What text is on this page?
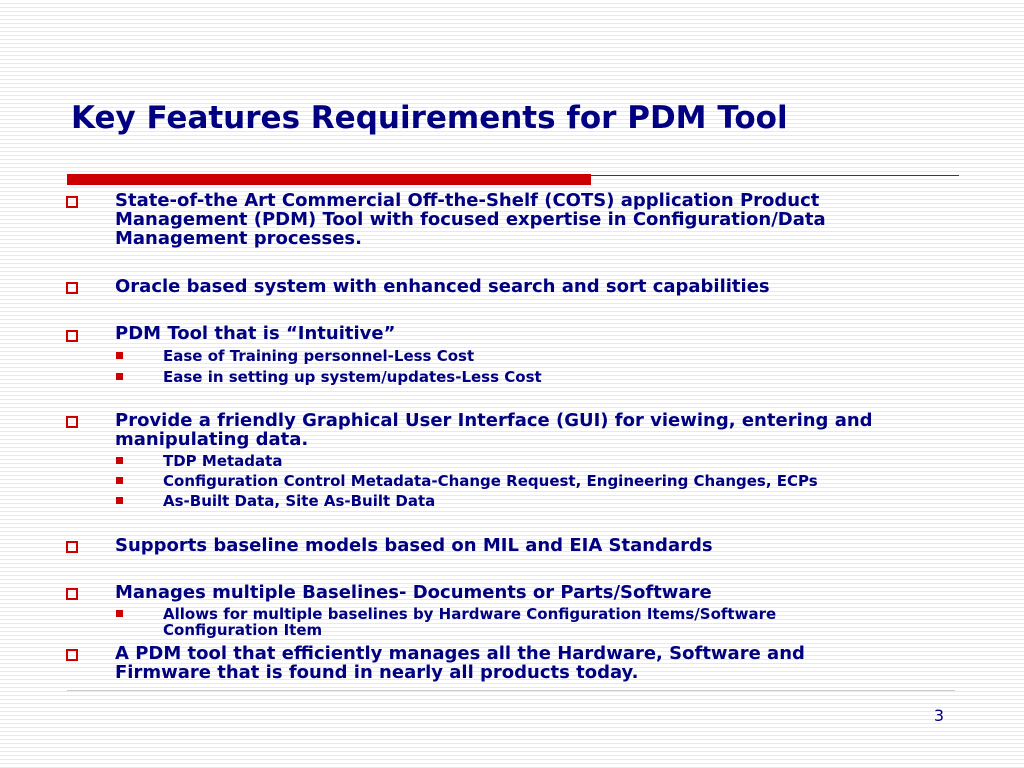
Key Features Requirements for PDM Tool
State-of-the Art Commercial Off-the-Shelf (COTS) application Product
Management (PDM) Tool with focused expertise in Configuration/Data
Management processes.
Oracle based system with enhanced search and sort capabilities
PDM Tool that is “Intuitive”
Ease of Training personnel-Less Cost
Ease in setting up system/updates-Less Cost
Provide a friendly Graphical User Interface (GUI) for viewing, entering and
manipulating data.
TDP Metadata
Configuration Control Metadata-Change Request, Engineering Changes, ECPs
As-Built Data, Site As-Built Data
Supports baseline models based on MIL and EIA Standards
Manages multiple Baselines- Documents or Parts/Software
Allows for multiple baselines by Hardware Configuration Items/Software
Configuration Item
A PDM tool that efficiently manages all the Hardware, Software and
Firmware that is found in nearly all products today.
3
